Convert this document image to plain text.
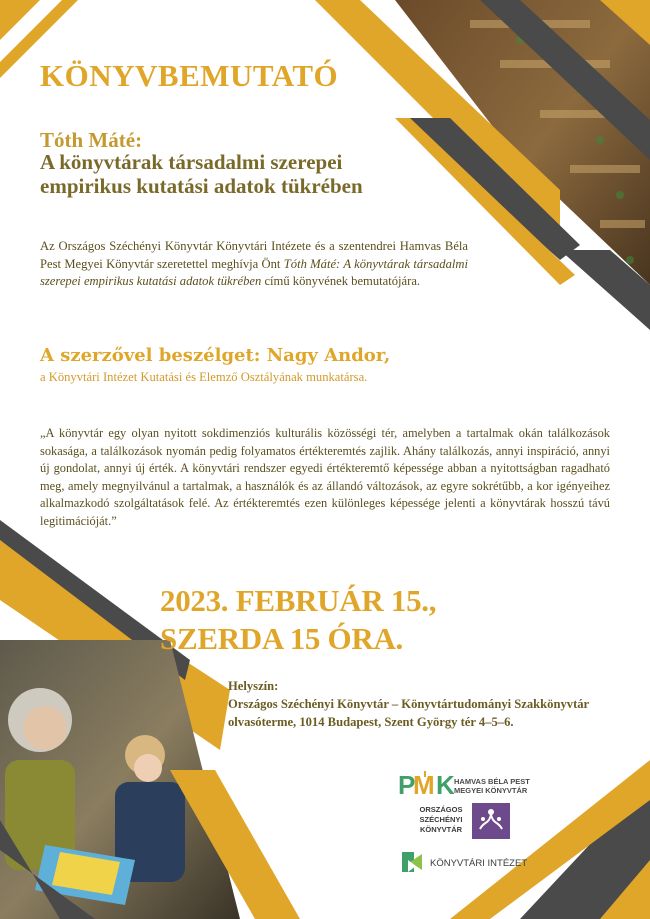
KÖNYVBEMUTATÓ
Tóth Máté:
A könyvtárak társadalmi szerepei
empirikus kutatási adatok tükrében
Az Országos Széchényi Könyvtár Könyvtári Intézete és a szentendrei Hamvas Béla Pest Megyei Könyvtár szeretettel meghívja Önt Tóth Máté: A könyvtárak társadalmi szerepei empirikus kutatási adatok tükrében című könyvének bemutatójára.
A szerzővel beszélget: Nagy Andor,
a Könyvtári Intézet Kutatási és Elemző Osztályának munkatársa.
„A könyvtár egy olyan nyitott sokdimenziós kulturális közösségi tér, amelyben a tartalmak okán találkozások sokasága, a találkozások nyomán pedig folyamatos értékteremtés zajlik. Ahány találkozás, annyi inspiráció, annyi új gondolat, annyi új érték. A könyvtári rendszer egyedi értékteremtő képessége abban a nyitottságban ragadható meg, amely megnyilvánul a tartalmak, a használók és az állandó változások, az egyre sokrétűbb, a kor igényeihez alkalmazkodó szolgáltatások felé. Az értékteremtés ezen különleges képessége jelenti a könyvtárak hosszú távú legitimációját.”
2023. FEBRUÁR 15.,
SZERDA 15 ÓRA.
Helyszín:
Országos Széchényi Könyvtár – Könyvtártudományi Szakkönyvtár
olvasóterme, 1014 Budapest, Szent György tér 4–5–6.
P
M K HAMVAS BÉLA PEST
MEGYEI KÖNYVTÁR
ORSZÁGOS
SZÉCHÉNYI
KÖNYVTÁR
KÖNYVTÁRI INTÉZET
